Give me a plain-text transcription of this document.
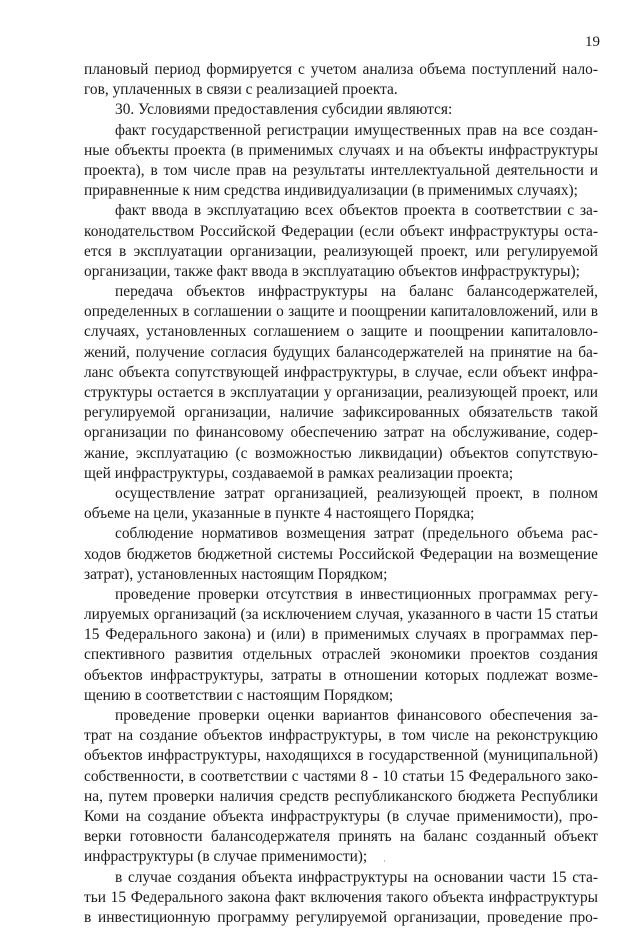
19
плановый период формируется с учетом анализа объема поступлений нало-
гов, уплаченных в связи с реализацией проекта.
30. Условиями предоставления субсидии являются:
факт государственной регистрации имущественных прав на все создан-
ные объекты проекта (в применимых случаях и на объекты инфраструктуры
проекта), в том числе прав на результаты интеллектуальной деятельности и
приравненные к ним средства индивидуализации (в применимых случаях);
факт ввода в эксплуатацию всех объектов проекта в соответствии с за-
конодательством Российской Федерации (если объект инфраструктуры оста-
ется в эксплуатации организации, реализующей проект, или регулируемой
организации, также факт ввода в эксплуатацию объектов инфраструктуры);
передача объектов инфраструктуры на баланс балансодержателей,
определенных в соглашении о защите и поощрении капиталовложений, или в
случаях, установленных соглашением о защите и поощрении капиталовло-
жений, получение согласия будущих балансодержателей на принятие на ба-
ланс объекта сопутствующей инфраструктуры, в случае, если объект инфра-
структуры остается в эксплуатации у организации, реализующей проект, или
регулируемой организации, наличие зафиксированных обязательств такой
организации по финансовому обеспечению затрат на обслуживание, содер-
жание, эксплуатацию (с возможностью ликвидации) объектов сопутствую-
щей инфраструктуры, создаваемой в рамках реализации проекта;
осуществление затрат организацией, реализующей проект, в полном
объеме на цели, указанные в пункте 4 настоящего Порядка;
соблюдение нормативов возмещения затрат (предельного объема рас-
ходов бюджетов бюджетной системы Российской Федерации на возмещение
затрат), установленных настоящим Порядком;
проведение проверки отсутствия в инвестиционных программах регу-
лируемых организаций (за исключением случая, указанного в части 15 статьи
15 Федерального закона) и (или) в применимых случаях в программах пер-
спективного развития отдельных отраслей экономики проектов создания
объектов инфраструктуры, затраты в отношении которых подлежат возме-
щению в соответствии с настоящим Порядком;
проведение проверки оценки вариантов финансового обеспечения за-
трат на создание объектов инфраструктуры, в том числе на реконструкцию
объектов инфраструктуры, находящихся в государственной (муниципальной)
собственности, в соответствии с частями 8 - 10 статьи 15 Федерального зако-
на, путем проверки наличия средств республиканского бюджета Республики
Коми на создание объекта инфраструктуры (в случае применимости), про-
верки готовности балансодержателя принять на баланс созданный объект
инфраструктуры (в случае применимости);
в случае создания объекта инфраструктуры на основании части 15 ста-
тьи 15 Федерального закона факт включения такого объекта инфраструктуры
в инвестиционную программу регулируемой организации, проведение про-
